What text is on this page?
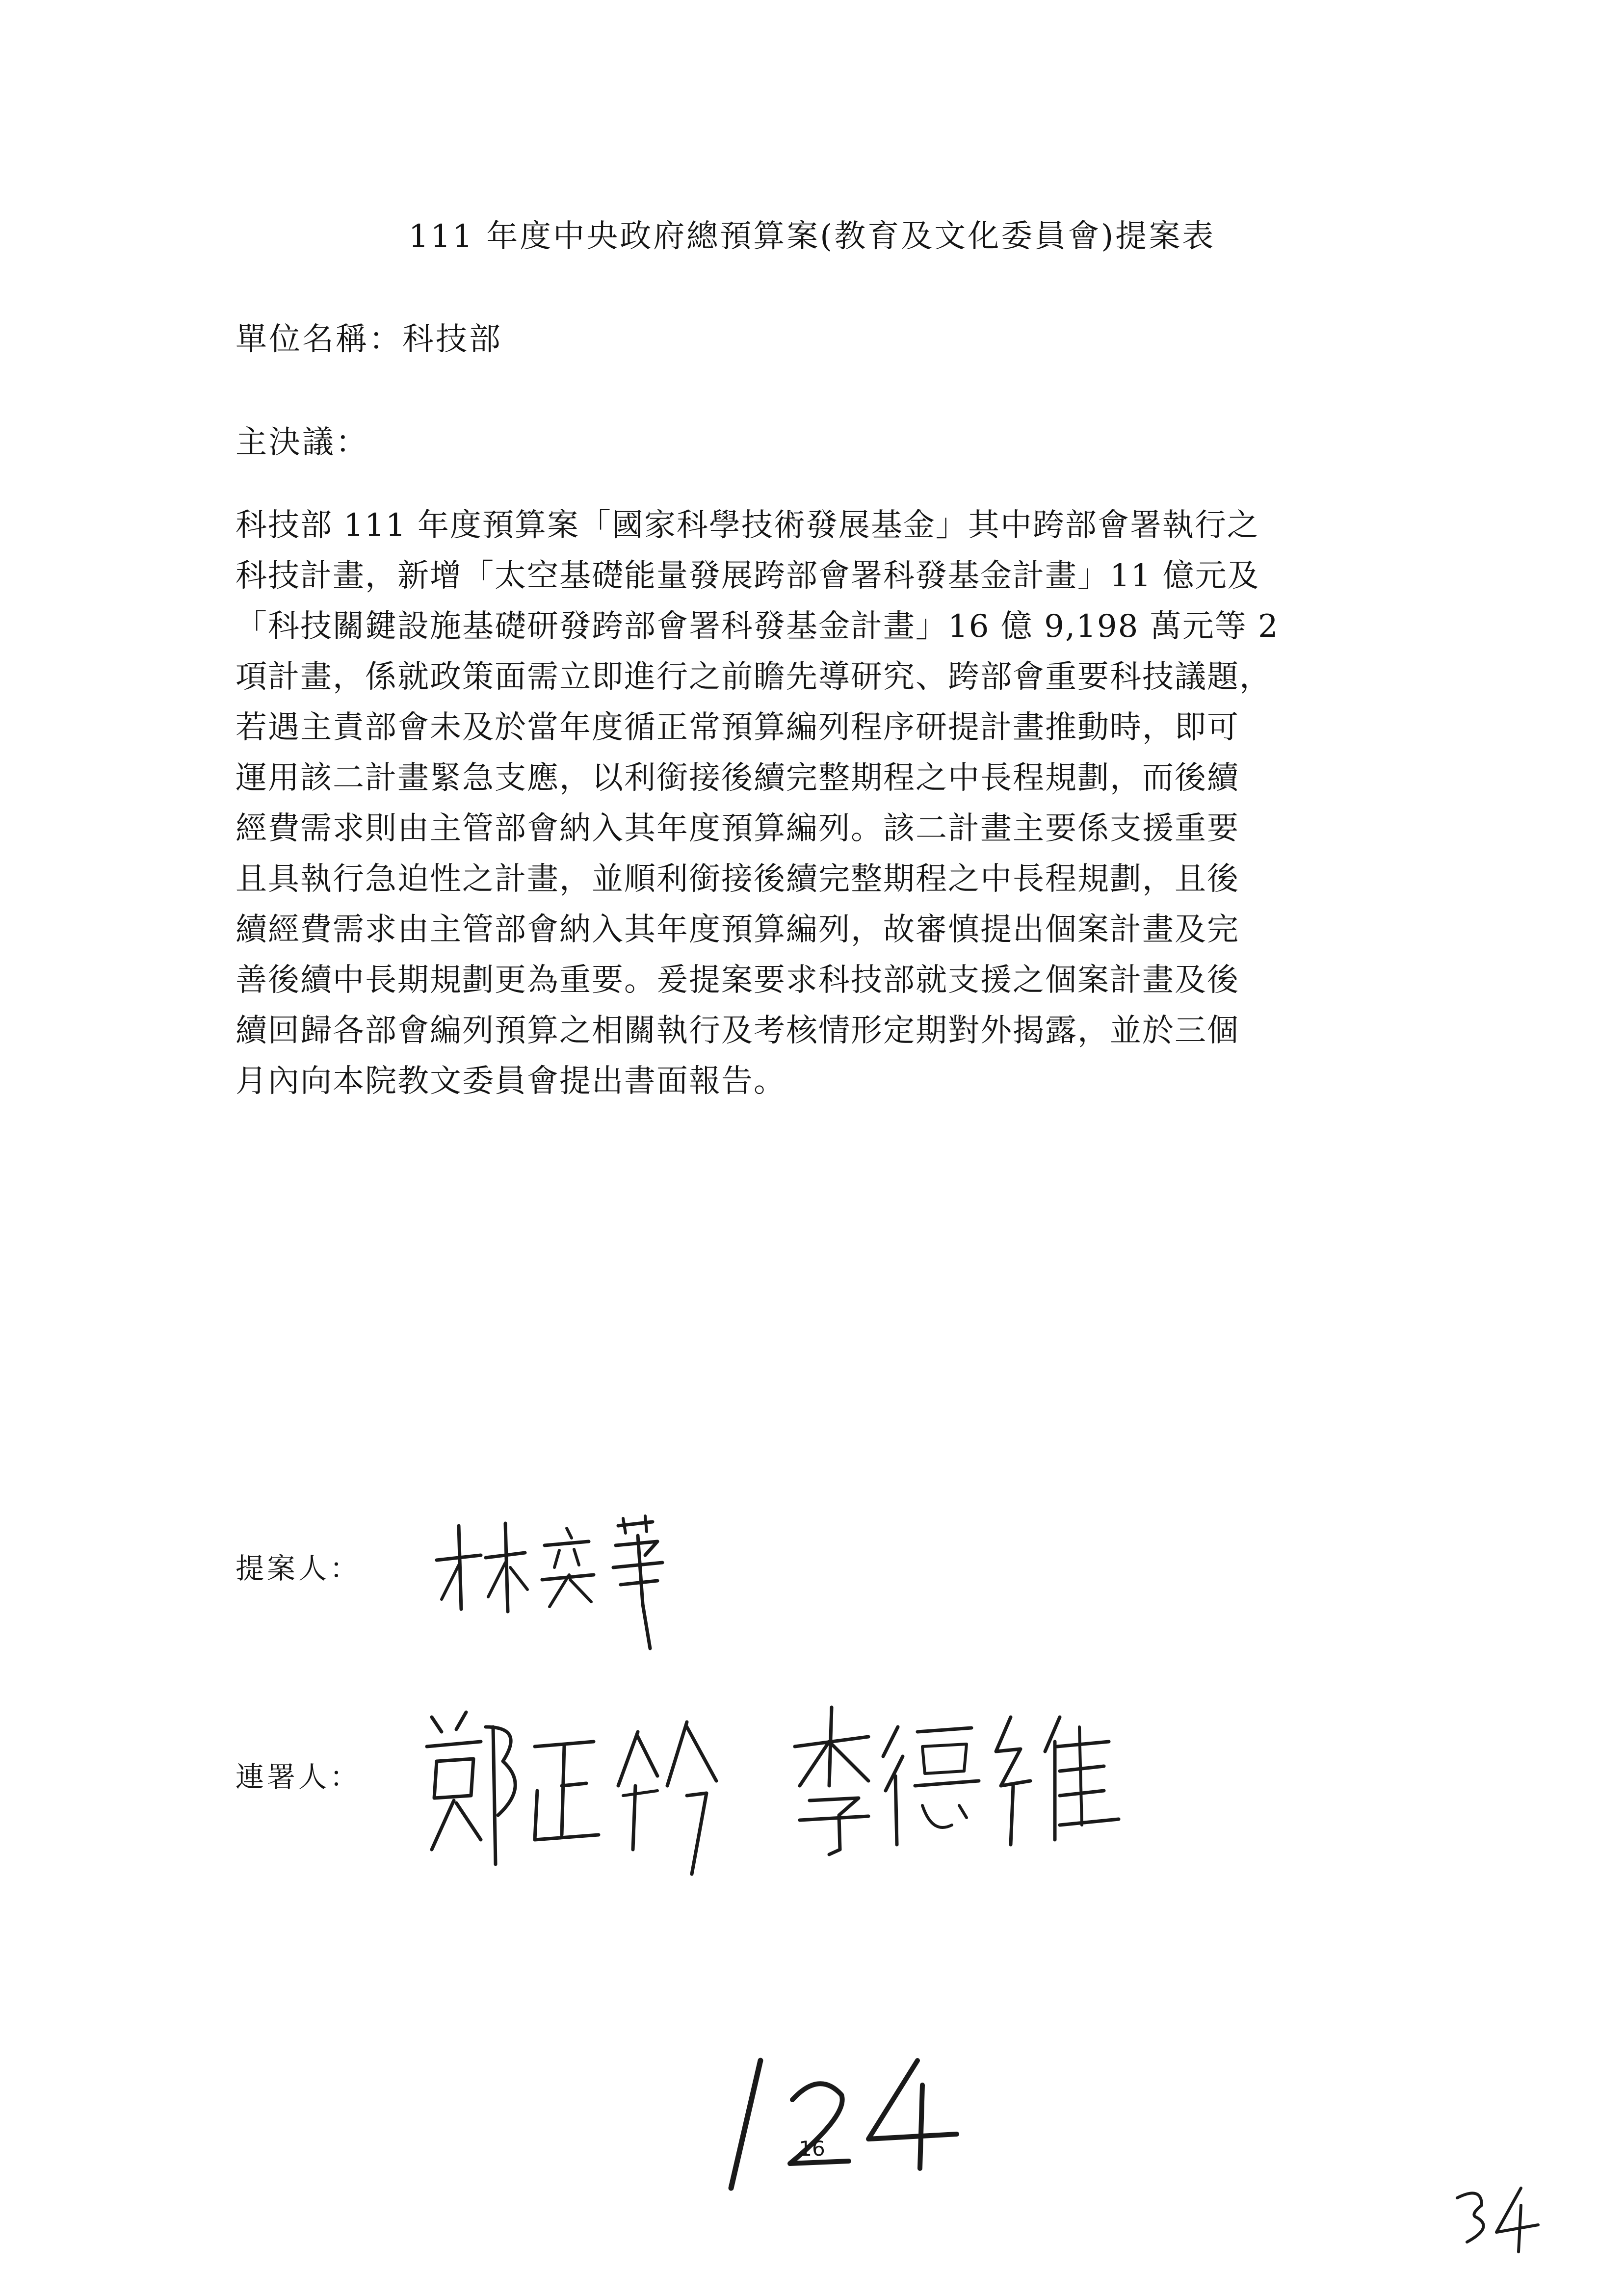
111 年度中央政府總預算案(教育及文化委員會)提案表
單位名稱：科技部
主決議：
科技部 111 年度預算案「國家科學技術發展基金」其中跨部會署執行之
科技計畫，新增「太空基礎能量發展跨部會署科發基金計畫」11 億元及
「科技關鍵設施基礎研發跨部會署科發基金計畫」16 億 9,198 萬元等 2
項計畫，係就政策面需立即進行之前瞻先導研究、跨部會重要科技議題，
若遇主責部會未及於當年度循正常預算編列程序研提計畫推動時，即可
運用該二計畫緊急支應，以利銜接後續完整期程之中長程規劃，而後續
經費需求則由主管部會納入其年度預算編列。該二計畫主要係支援重要
且具執行急迫性之計畫，並順利銜接後續完整期程之中長程規劃，且後
續經費需求由主管部會納入其年度預算編列，故審慎提出個案計畫及完
善後續中長期規劃更為重要。爰提案要求科技部就支援之個案計畫及後
續回歸各部會編列預算之相關執行及考核情形定期對外揭露，並於三個
月內向本院教文委員會提出書面報告。
提案人：
連署人：
16
